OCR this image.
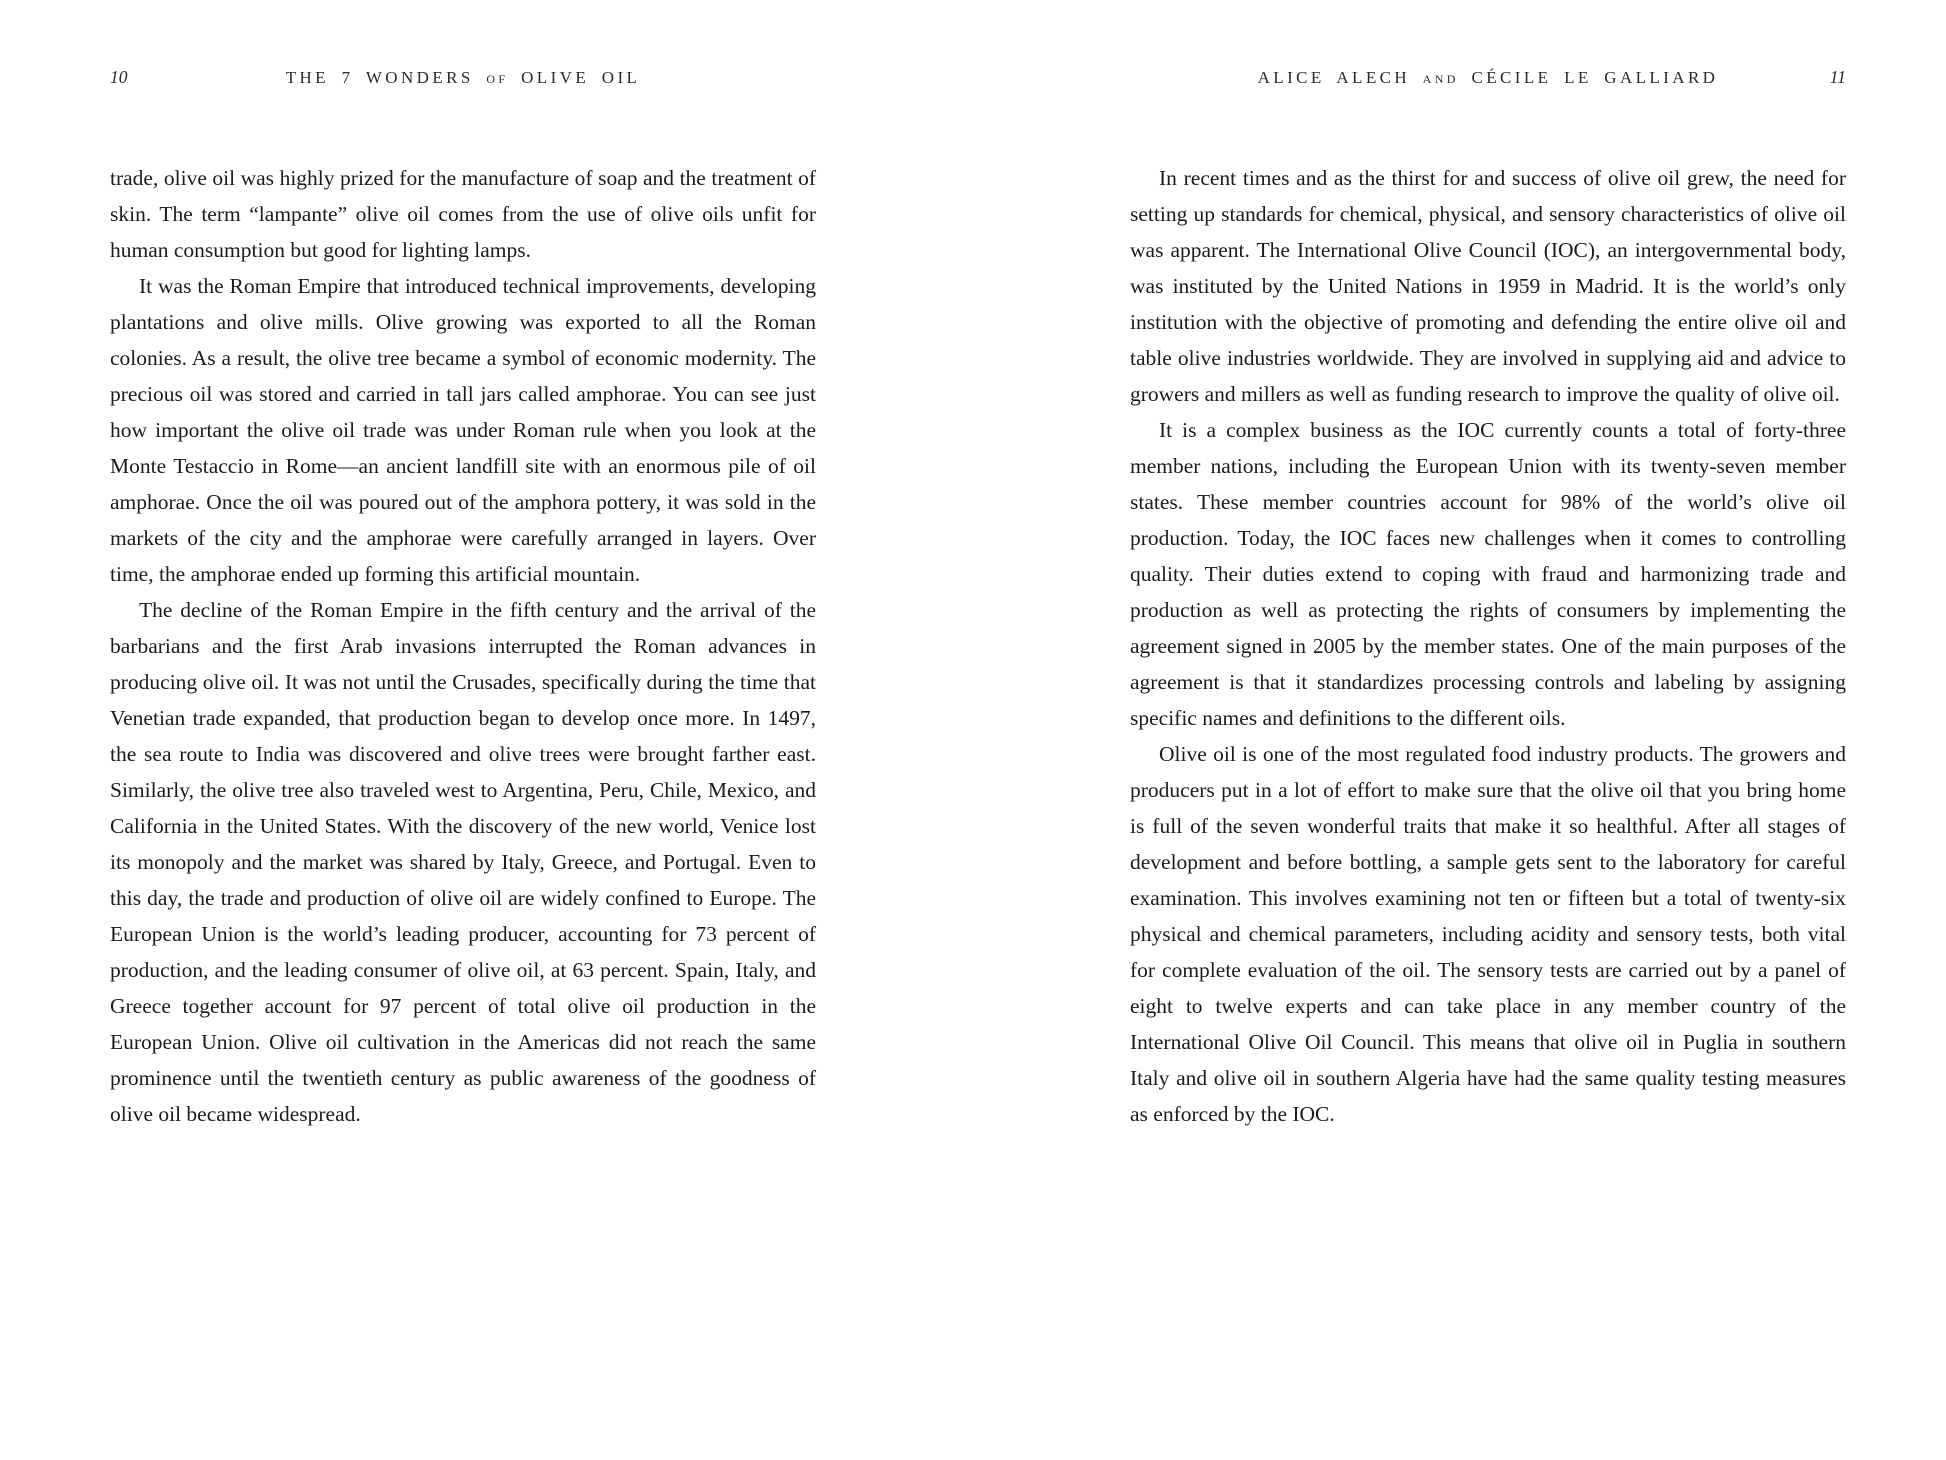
10	THE 7 WONDERS of OLIVE OIL

trade, olive oil was highly prized for the manufacture of soap and the treatment of skin. The term “lampante” olive oil comes from the use of olive oils unfit for human consumption but good for lighting lamps.

It was the Roman Empire that introduced technical improvements, developing plantations and olive mills. Olive growing was exported to all the Roman colonies. As a result, the olive tree became a symbol of economic modernity. The precious oil was stored and carried in tall jars called amphorae. You can see just how important the olive oil trade was under Roman rule when you look at the Monte Testaccio in Rome—an ancient landfill site with an enormous pile of oil amphorae. Once the oil was poured out of the amphora pottery, it was sold in the markets of the city and the amphorae were carefully arranged in layers. Over time, the amphorae ended up forming this artificial mountain.

The decline of the Roman Empire in the fifth century and the arrival of the barbarians and the first Arab invasions interrupted the Roman advances in producing olive oil. It was not until the Crusades, specifically during the time that Venetian trade expanded, that production began to develop once more. In 1497, the sea route to India was discovered and olive trees were brought farther east. Similarly, the olive tree also traveled west to Argentina, Peru, Chile, Mexico, and California in the United States. With the discovery of the new world, Venice lost its monopoly and the market was shared by Italy, Greece, and Portugal. Even to this day, the trade and production of olive oil are widely confined to Europe. The European Union is the world’s leading producer, accounting for 73 percent of production, and the leading consumer of olive oil, at 63 percent. Spain, Italy, and Greece together account for 97 percent of total olive oil production in the European Union. Olive oil cultivation in the Americas did not reach the same prominence until the twentieth century as public awareness of the goodness of olive oil became widespread.

ALICE ALECH and CÉCILE LE GALLIARD	11

In recent times and as the thirst for and success of olive oil grew, the need for setting up standards for chemical, physical, and sensory characteristics of olive oil was apparent. The International Olive Council (IOC), an intergovernmental body, was instituted by the United Nations in 1959 in Madrid. It is the world’s only institution with the objective of promoting and defending the entire olive oil and table olive industries worldwide. They are involved in supplying aid and advice to growers and millers as well as funding research to improve the quality of olive oil.

It is a complex business as the IOC currently counts a total of forty-three member nations, including the European Union with its twenty-seven member states. These member countries account for 98% of the world’s olive oil production. Today, the IOC faces new challenges when it comes to controlling quality. Their duties extend to coping with fraud and harmonizing trade and production as well as protecting the rights of consumers by implementing the agreement signed in 2005 by the member states. One of the main purposes of the agreement is that it standardizes processing controls and labeling by assigning specific names and definitions to the different oils.

Olive oil is one of the most regulated food industry products. The growers and producers put in a lot of effort to make sure that the olive oil that you bring home is full of the seven wonderful traits that make it so healthful. After all stages of development and before bottling, a sample gets sent to the laboratory for careful examination. This involves examining not ten or fifteen but a total of twenty-six physical and chemical parameters, including acidity and sensory tests, both vital for complete evaluation of the oil. The sensory tests are carried out by a panel of eight to twelve experts and can take place in any member country of the International Olive Oil Council. This means that olive oil in Puglia in southern Italy and olive oil in southern Algeria have had the same quality testing measures as enforced by the IOC.
